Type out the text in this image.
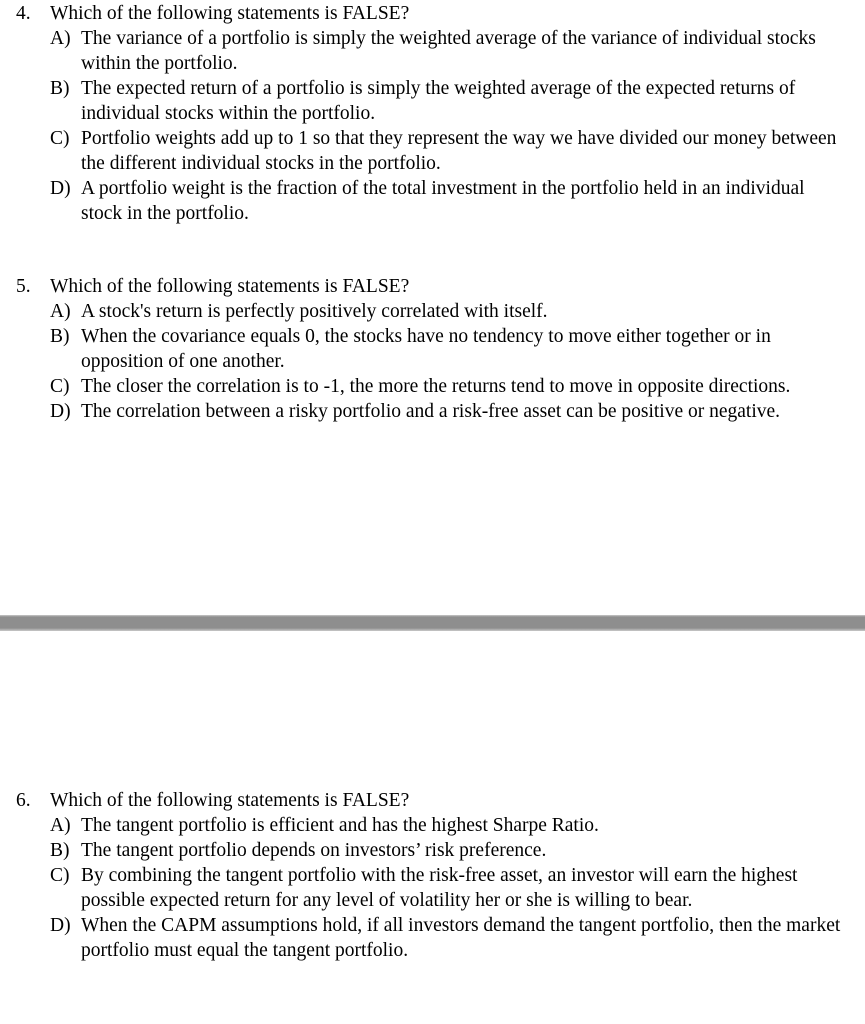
4. Which of the following statements is FALSE?
A) The variance of a portfolio is simply the weighted average of the variance of individual stocks within the portfolio.
B) The expected return of a portfolio is simply the weighted average of the expected returns of individual stocks within the portfolio.
C) Portfolio weights add up to 1 so that they represent the way we have divided our money between the different individual stocks in the portfolio.
D) A portfolio weight is the fraction of the total investment in the portfolio held in an individual stock in the portfolio.
5. Which of the following statements is FALSE?
A) A stock's return is perfectly positively correlated with itself.
B) When the covariance equals 0, the stocks have no tendency to move either together or in opposition of one another.
C) The closer the correlation is to -1, the more the returns tend to move in opposite directions.
D) The correlation between a risky portfolio and a risk-free asset can be positive or negative.
6. Which of the following statements is FALSE?
A) The tangent portfolio is efficient and has the highest Sharpe Ratio.
B) The tangent portfolio depends on investors’ risk preference.
C) By combining the tangent portfolio with the risk-free asset, an investor will earn the highest possible expected return for any level of volatility her or she is willing to bear.
D) When the CAPM assumptions hold, if all investors demand the tangent portfolio, then the market portfolio must equal the tangent portfolio.
